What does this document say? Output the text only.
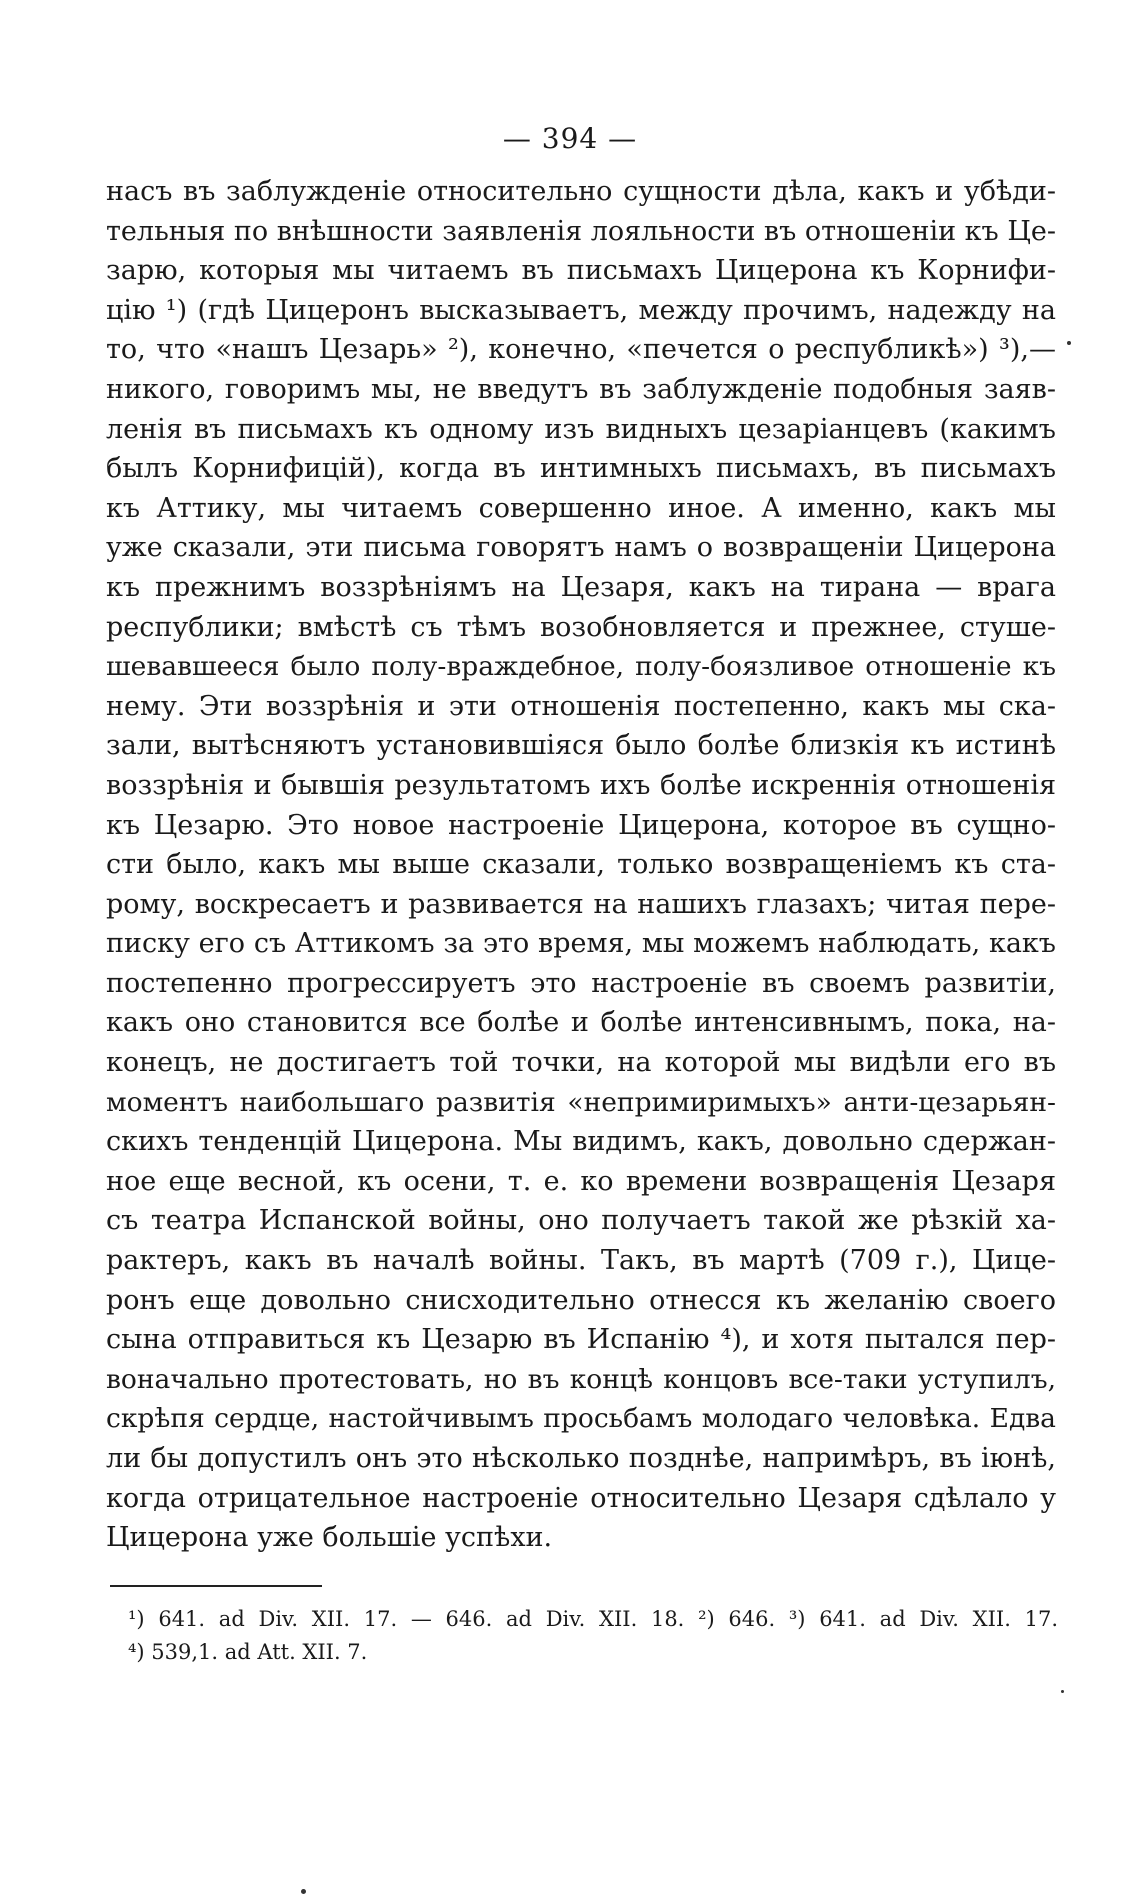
— 394 —
насъ въ заблужденіе относительно сущности дѣла, какъ и убѣди-
тельныя по внѣшности заявленія лояльности въ отношеніи къ Це-
зарю, которыя мы читаемъ въ письмахъ Цицерона къ Корнифи-
цію ¹) (гдѣ Цицеронъ высказываетъ, между прочимъ, надежду на
то, что «нашъ Цезарь» ²), конечно, «печется о республикѣ») ³),—
никого, говоримъ мы, не введутъ въ заблужденіе подобныя заяв-
ленія въ письмахъ къ одному изъ видныхъ цезаріанцевъ (какимъ
былъ Корнифицій), когда въ интимныхъ письмахъ, въ письмахъ
къ Аттику, мы читаемъ совершенно иное. А именно, какъ мы
уже сказали, эти письма говорятъ намъ о возвращеніи Цицерона
къ прежнимъ воззрѣніямъ на Цезаря, какъ на тирана — врага
республики; вмѣстѣ съ тѣмъ возобновляется и прежнее, стуше-
шевавшееся было полу-враждебное, полу-боязливое отношеніе къ
нему. Эти воззрѣнія и эти отношенія постепенно, какъ мы ска-
зали, вытѣсняютъ установившіяся было болѣе близкія къ истинѣ
воззрѣнія и бывшія результатомъ ихъ болѣе искреннія отношенія
къ Цезарю. Это новое настроеніе Цицерона, которое въ сущно-
сти было, какъ мы выше сказали, только возвращеніемъ къ ста-
рому, воскресаетъ и развивается на нашихъ глазахъ; читая пере-
писку его съ Аттикомъ за это время, мы можемъ наблюдать, какъ
постепенно прогрессируетъ это настроеніе въ своемъ развитіи,
какъ оно становится все болѣе и болѣе интенсивнымъ, пока, на-
конецъ, не достигаетъ той точки, на которой мы видѣли его въ
моментъ наибольшаго развитія «непримиримыхъ» анти-цезарьян-
скихъ тенденцій Цицерона. Мы видимъ, какъ, довольно сдержан-
ное еще весной, къ осени, т. е. ко времени возвращенія Цезаря
съ театра Испанской войны, оно получаетъ такой же рѣзкій ха-
рактеръ, какъ въ началѣ войны. Такъ, въ мартѣ (709 г.), Цице-
ронъ еще довольно снисходительно отнесся къ желанію своего
сына отправиться къ Цезарю въ Испанію ⁴), и хотя пытался пер-
воначально протестовать, но въ концѣ концовъ все-таки уступилъ,
скрѣпя сердце, настойчивымъ просьбамъ молодаго человѣка. Едва
ли бы допустилъ онъ это нѣсколько позднѣе, напримѣръ, въ іюнѣ,
когда отрицательное настроеніе относительно Цезаря сдѣлало у
Цицерона уже большіе успѣхи.
¹) 641. ad Div. XII. 17. — 646. ad Div. XII. 18. ²) 646. ³) 641. ad Div. XII. 17.
⁴) 539,1. ad Att. XII. 7.
